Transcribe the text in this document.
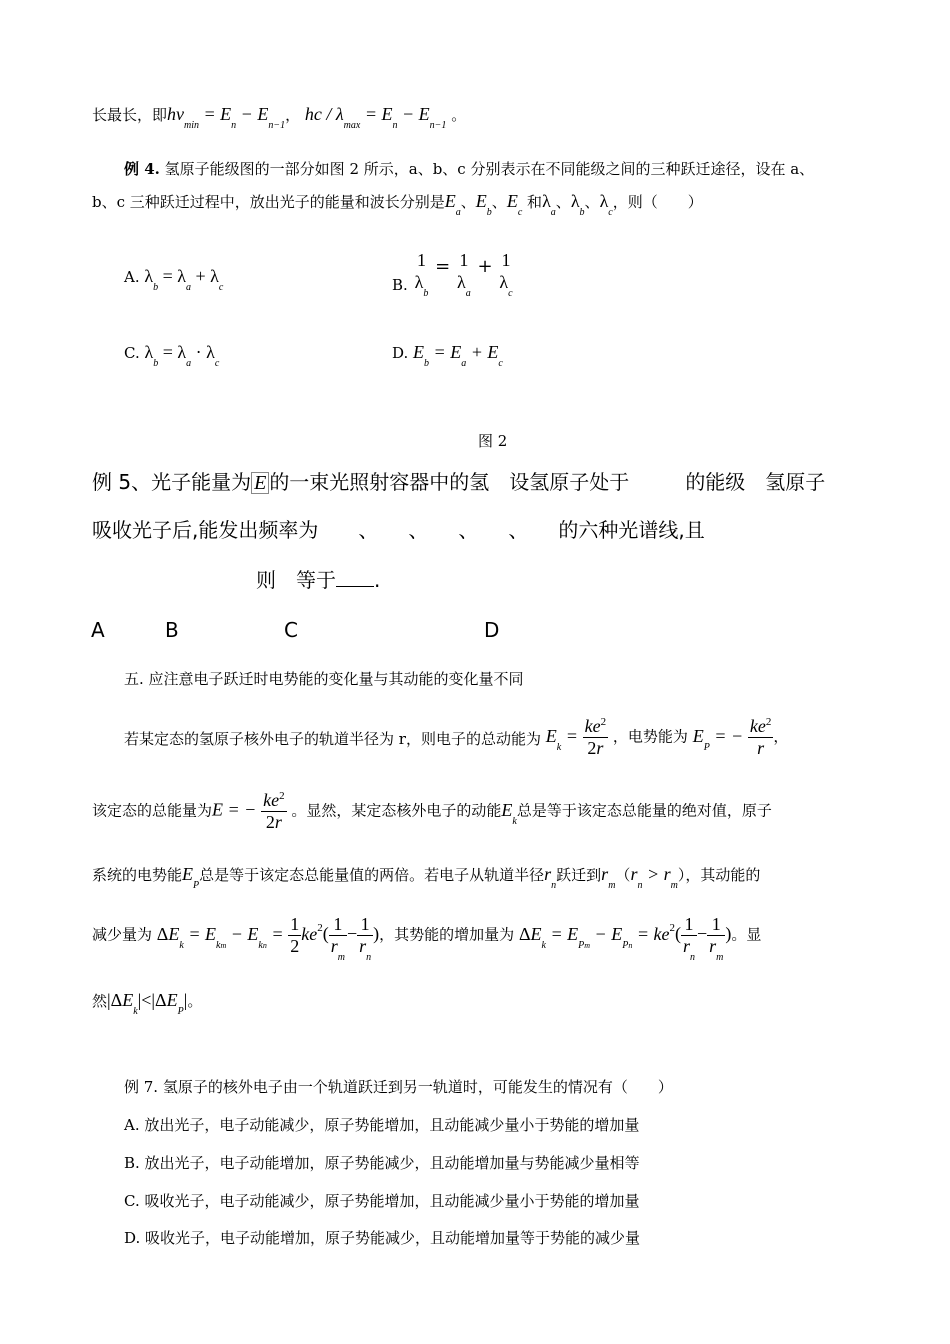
长最长，即$h\nu_{min} = E_n - E_{n-1}$， hc / $\lambda_{max} = E_n - E_{n-1}$ 。
例 4. 氢原子能级图的一部分如图 2 所示，a、b、c 分别表示在不同能级之间的三种跃迁途径，设在 a、
b、c 三种跃迁过程中，放出光子的能量和波长分别是$E_a$、$E_b$、$E_c$ 和$\lambda_a$、$\lambda_b$、$\lambda_c$，则（　　）
A. $\lambda_b = \lambda_a + \lambda_c$	B.
1
$\lambda_b$
= 1
$\lambda_a$
+ 1
$\lambda_c$
C. $\lambda_b = \lambda_a \cdot \lambda_c$
D. $E_b = E_a + E_c$
图 2
例 5、光子能量为 E 的一束光照射容器中的氢　设氢原子处于	的能级　氢原子
吸收光子后,能发出频率为　　、　　、　　、　　、　　的六种光谱线,且
则　等于 .
A	B	C	D
五. 应注意电子跃迁时电势能的变化量与其动能的变化量不同
若某定态的氢原子核外电子的轨道半径为 r，则电子的总动能为 $E_k = \frac{ke^2}{2r}$ ，电势能为 $E_P$ = − $\frac{ke^2}{r}$ ，
该定态的总能量为E = − $\frac{ke^2}{2r}$ 。显然，某定态核外电子的动能$E_k$总是等于该定态总能量的绝对值，原子
系统的电势能$E_P$总是等于该定态总能量值的两倍。若电子从轨道半径$r_n$跃迁到$r_m(r_n > r_m)$，其动能的
减少量为 $\Delta E_k = E_{km} - E_{kn} = \frac{1}{2} ke^2( \frac{1}{r_m} - \frac{1}{r_n}$ )，其势能的增加量为 $\Delta E_k = E_{Pm} - E_{Pn} = ke^2( \frac{1}{r_n} - \frac{1}{r_m}$ )。显
然$|\Delta E_k|<|\Delta E_P|$。
例 7. 氢原子的核外电子由一个轨道跃迁到另一轨道时，可能发生的情况有（　　）
A. 放出光子，电子动能减少，原子势能增加，且动能减少量小于势能的增加量
B. 放出光子，电子动能增加，原子势能减少，且动能增加量与势能减少量相等
C. 吸收光子，电子动能减少，原子势能增加，且动能减少量小于势能的增加量
D. 吸收光子，电子动能增加，原子势能减少，且动能增加量等于势能的减少量
